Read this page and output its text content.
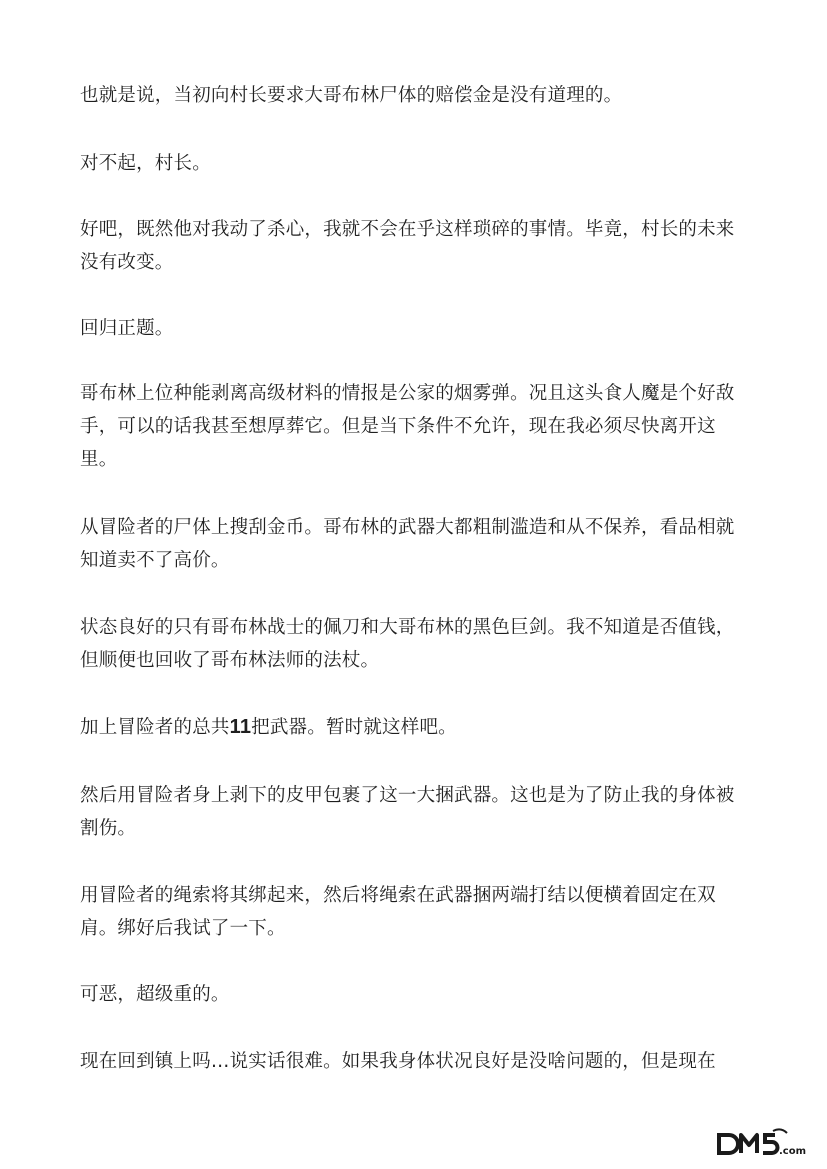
也就是说，当初向村长要求大哥布林尸体的赔偿金是没有道理的。

对不起，村长。

好吧，既然他对我动了杀心，我就不会在乎这样琐碎的事情。毕竟，村长的未来没有改变。

回归正题。

哥布林上位种能剥离高级材料的情报是公家的烟雾弹。况且这头食人魔是个好敌手，可以的话我甚至想厚葬它。但是当下条件不允许，现在我必须尽快离开这里。

从冒险者的尸体上搜刮金币。哥布林的武器大都粗制滥造和从不保养，看品相就知道卖不了高价。

状态良好的只有哥布林战士的佩刀和大哥布林的黑色巨剑。我不知道是否值钱，但顺便也回收了哥布林法师的法杖。

加上冒险者的总共11把武器。暂时就这样吧。

然后用冒险者身上剥下的皮甲包裹了这一大捆武器。这也是为了防止我的身体被割伤。

用冒险者的绳索将其绑起来，然后将绳索在武器捆两端打结以便横着固定在双肩。绑好后我试了一下。

可恶，超级重的。

现在回到镇上吗…说实话很难。如果我身体状况良好是没啥问题的，但是现在

.com
